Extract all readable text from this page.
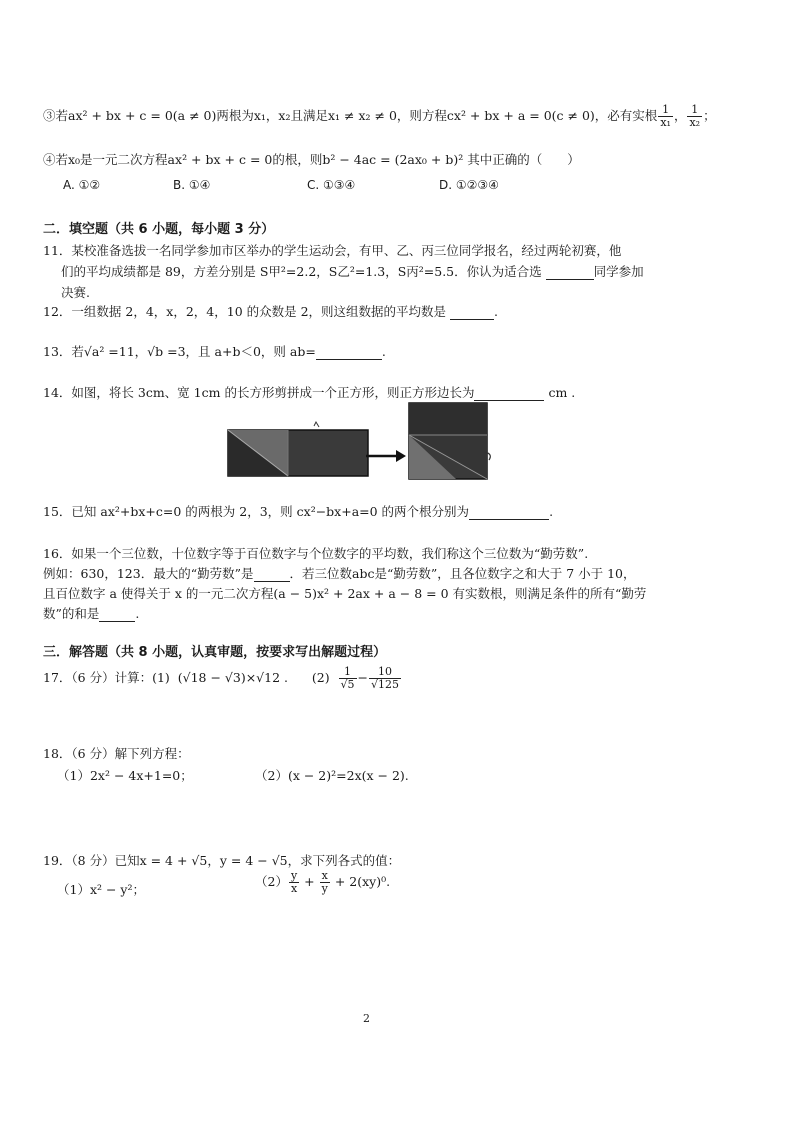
③若ax² + bx + c = 0(a ≠ 0)两根为x₁，x₂且满足x₁ ≠ x₂ ≠ 0，则方程cx² + bx + a = 0(c ≠ 0)，必有实根 $\frac{1}{\text{x₁}}$ ， $\frac{1}{\text{x₂}}$ ；
④若x₀是一元二次方程ax² + bx + c = 0的根，则b² − 4ac = (2ax₀ + b)² 其中正确的（　　）
A. ①②	B. ①④	C. ①③④	D. ①②③④
二．填空题（共 6 小题，每小题 3 分）
11．某校准备选拔一名同学参加市区举办的学生运动会，有甲、乙、丙三位同学报名，经过两轮初赛，他
们的平均成绩都是 89，方差分别是 S甲²=2.2，S乙²=1.3，S丙²=5.5．你认为适合选	同学参加
决赛.
12．一组数据 2，4，x，2，4，10 的众数是 2，则这组数据的平均数是	.
13．若√a² =11，√b =3，且 a+b＜0，则 ab=	.
14．如图，将长 3cm、宽 1cm 的长方形剪拼成一个正方形，则正方形边长为	cm .
15．已知 ax²+bx+c=0 的两根为 2，3，则 cx²−bx+a=0 的两个根分别为	.
16．如果一个三位数，十位数字等于百位数字与个位数字的平均数，我们称这个三位数为“勤劳数”.
例如：630，123．最大的“勤劳数”是	．若三位数abc是“勤劳数”，且各位数字之和大于 7 小于 10，
且百位数字 a 使得关于 x 的一元二次方程(a − 5)x² + 2ax + a − 8 = 0 有实数根，则满足条件的所有“勤劳
数”的和是	.
三．解答题（共 8 小题，认真审题，按要求写出解题过程）
17．（6 分）计算：(1) (√18 − √3)×√12 . $(2) \frac{1}{√5} - \frac{10}{√125}$
18．（6 分）解下列方程：
（1）2x² − 4x+1=0；	（2）(x − 2)²=2x(x − 2).
19．（8 分）已知x = 4 + √5，y = 4 − √5，求下列各式的值：
（1）x² − y²；
$(2) \frac{y}{x} + \frac{x}{y} + 2(xy)^0$.
2
